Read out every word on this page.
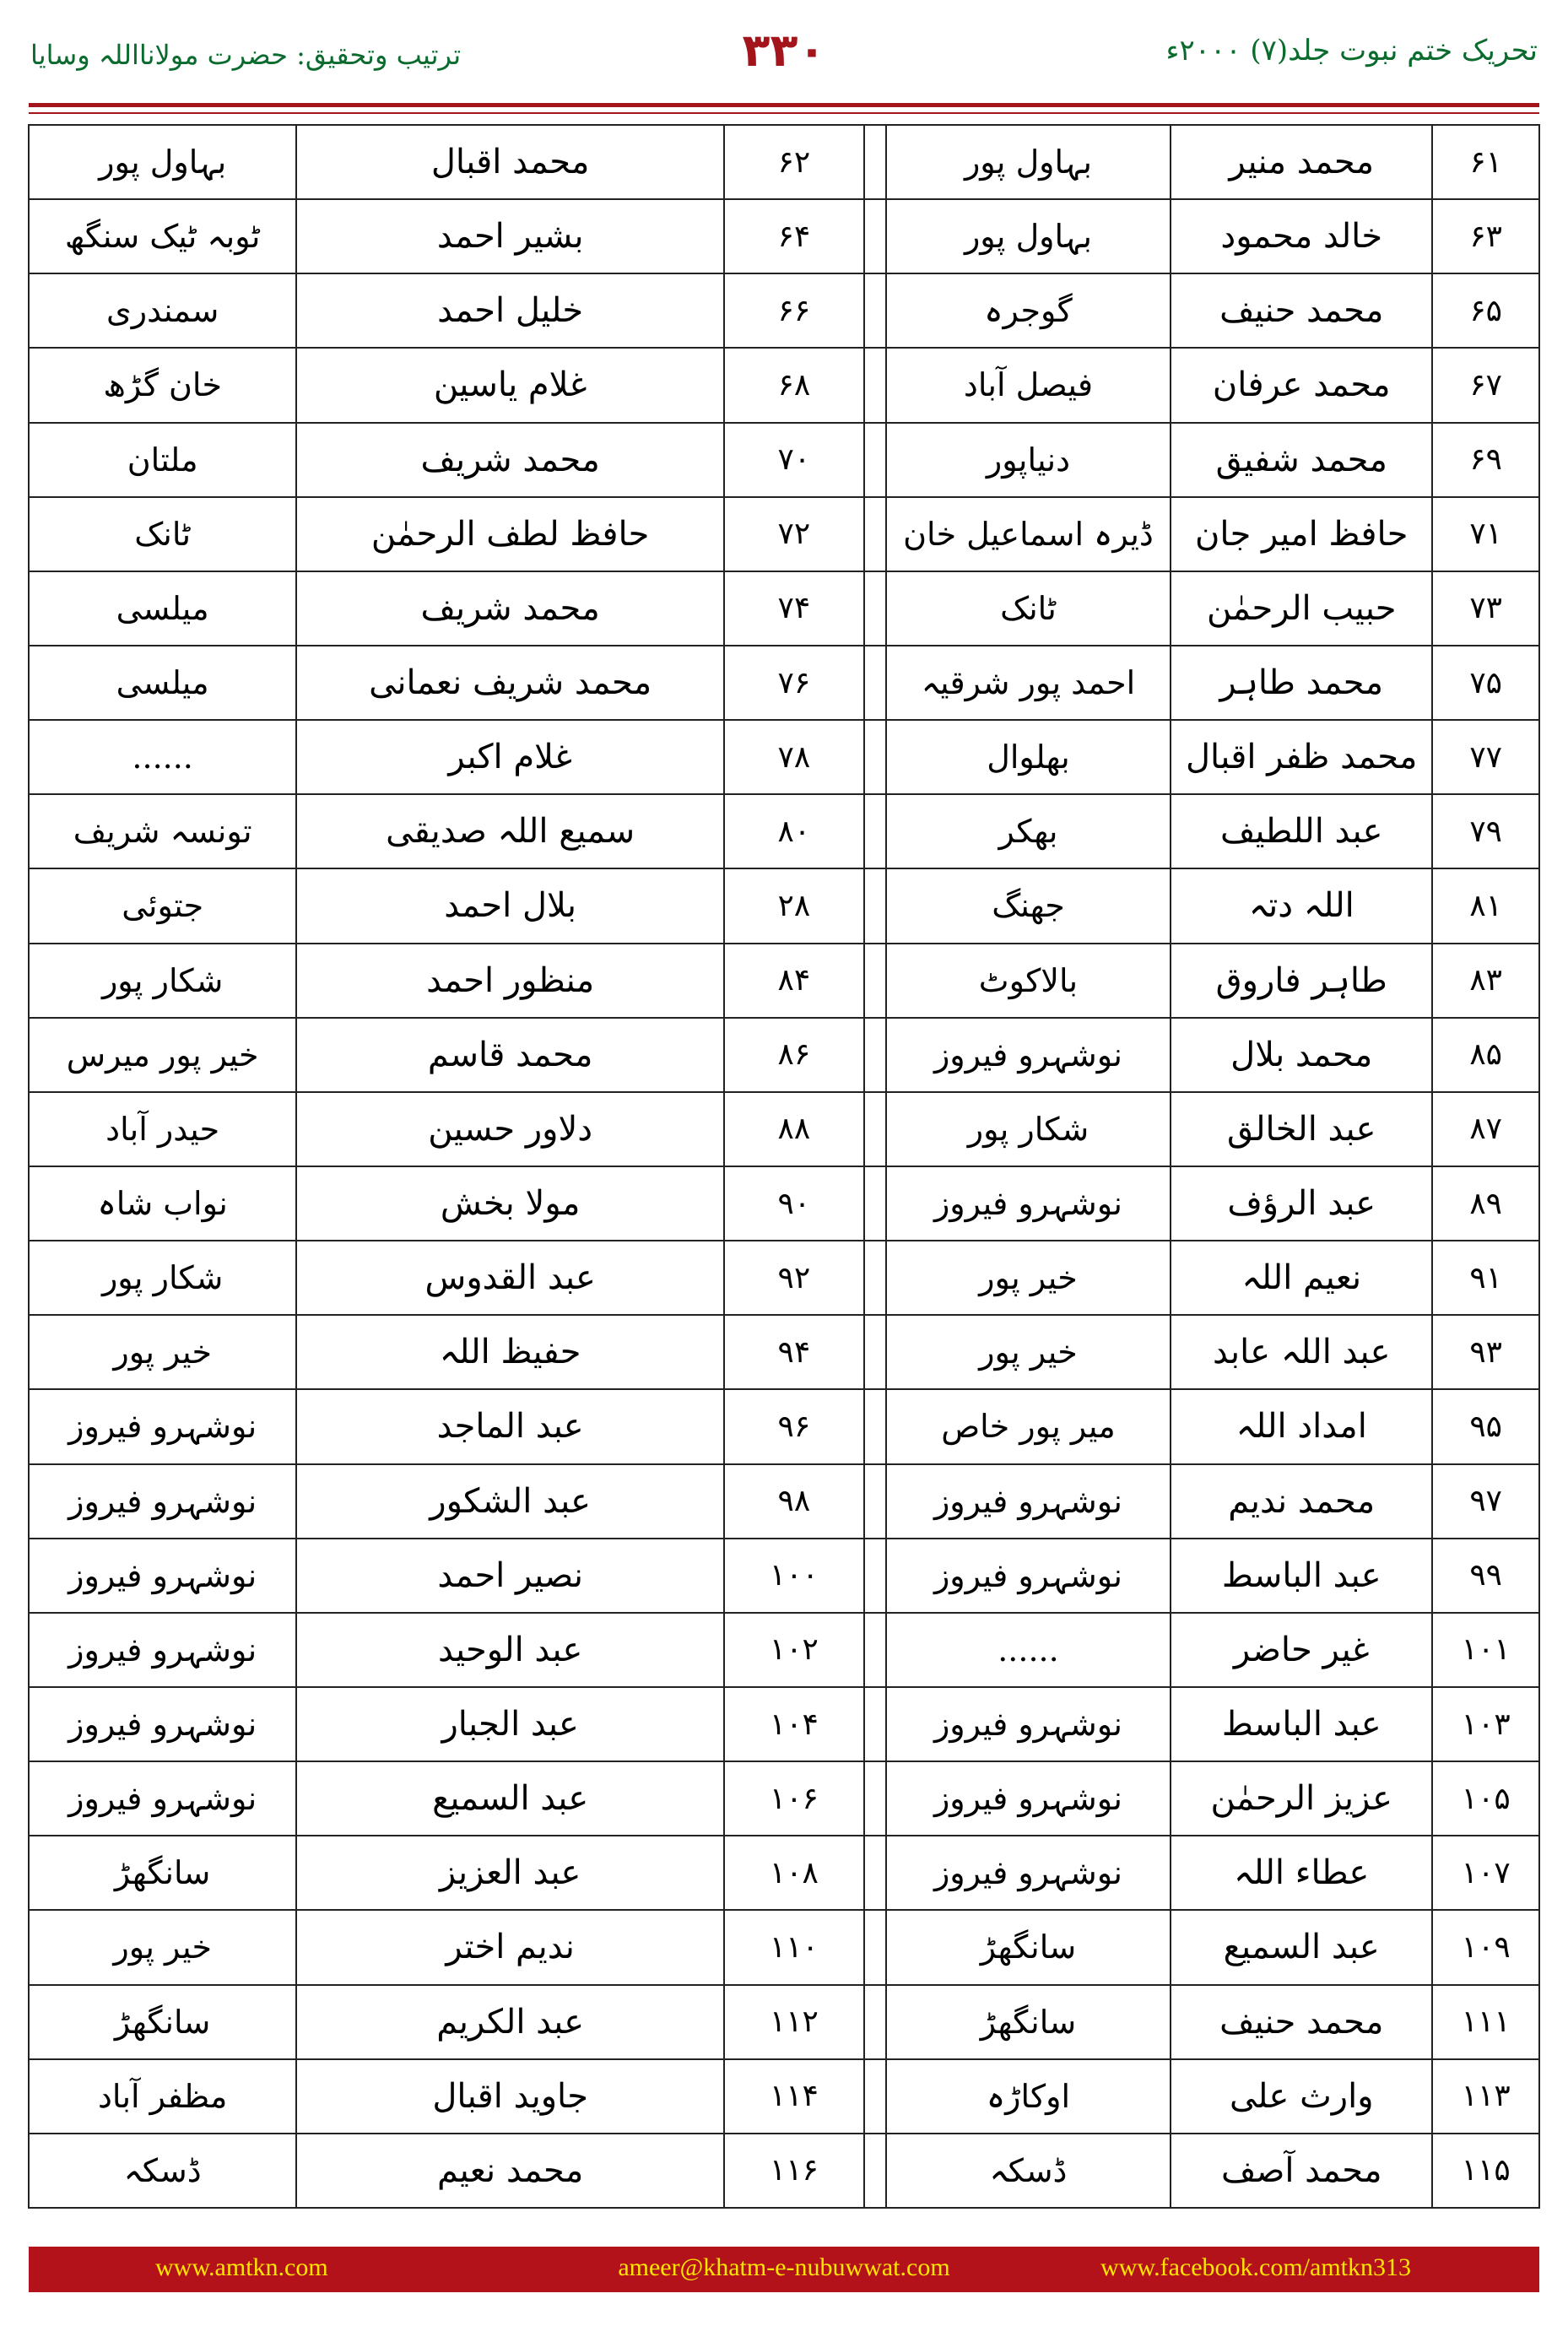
تحریک ختم نبوت جلد(۷) ۲۰۰۰ء
۳۳۰
ترتیب وتحقیق: حضرت مولانااللہ وسایا
۶۱	محمد منیر	بہاول پور		۶۲	محمد اقبال	بہاول پور
۶۳	خالد محمود	بہاول پور		۶۴	بشیر احمد	ٹوبہ ٹیک سنگھ
۶۵	محمد حنیف	گوجرہ		۶۶	خلیل احمد	سمندری
۶۷	محمد عرفان	فیصل آباد		۶۸	غلام یاسین	خان گڑھ
۶۹	محمد شفیق	دنیاپور		۷۰	محمد شریف	ملتان
۷۱	حافظ امیر جان	ڈیرہ اسماعیل خان		۷۲	حافظ لطف الرحمٰن	ٹانک
۷۳	حبیب الرحمٰن	ٹانک		۷۴	محمد شریف	میلسی
۷۵	محمد طاہر	احمد پور شرقیہ		۷۶	محمد شریف نعمانی	میلسی
۷۷	محمد ظفر اقبال	بھلوال		۷۸	غلام اکبر	......
۷۹	عبد اللطیف	بھکر		۸۰	سمیع اللہ صدیقی	تونسہ شریف
۸۱	اللہ دتہ	جھنگ		۲۸	بلال احمد	جتوئی
۸۳	طاہر فاروق	بالاکوٹ		۸۴	منظور احمد	شکار پور
۸۵	محمد بلال	نوشہرو فیروز		۸۶	محمد قاسم	خیر پور میرس
۸۷	عبد الخالق	شکار پور		۸۸	دلاور حسین	حیدر آباد
۸۹	عبد الرؤف	نوشہرو فیروز		۹۰	مولا بخش	نواب شاہ
۹۱	نعیم اللہ	خیر پور		۹۲	عبد القدوس	شکار پور
۹۳	عبد اللہ عابد	خیر پور		۹۴	حفیظ اللہ	خیر پور
۹۵	امداد اللہ	میر پور خاص		۹۶	عبد الماجد	نوشہرو فیروز
۹۷	محمد ندیم	نوشہرو فیروز		۹۸	عبد الشکور	نوشہرو فیروز
۹۹	عبد الباسط	نوشہرو فیروز		۱۰۰	نصیر احمد	نوشہرو فیروز
۱۰۱	غیر حاضر	......		۱۰۲	عبد الوحید	نوشہرو فیروز
۱۰۳	عبد الباسط	نوشہرو فیروز		۱۰۴	عبد الجبار	نوشہرو فیروز
۱۰۵	عزیز الرحمٰن	نوشہرو فیروز		۱۰۶	عبد السمیع	نوشہرو فیروز
۱۰۷	عطاء اللہ	نوشہرو فیروز		۱۰۸	عبد العزیز	سانگھڑ
۱۰۹	عبد السمیع	سانگھڑ		۱۱۰	ندیم اختر	خیر پور
۱۱۱	محمد حنیف	سانگھڑ		۱۱۲	عبد الکریم	سانگھڑ
۱۱۳	وارث علی	اوکاڑہ		۱۱۴	جاوید اقبال	مظفر آباد
۱۱۵	محمد آصف	ڈسکہ		۱۱۶	محمد نعیم	ڈسکہ
www.amtkn.com	ameer@khatm-e-nubuwwat.com	www.facebook.com/amtkn313
